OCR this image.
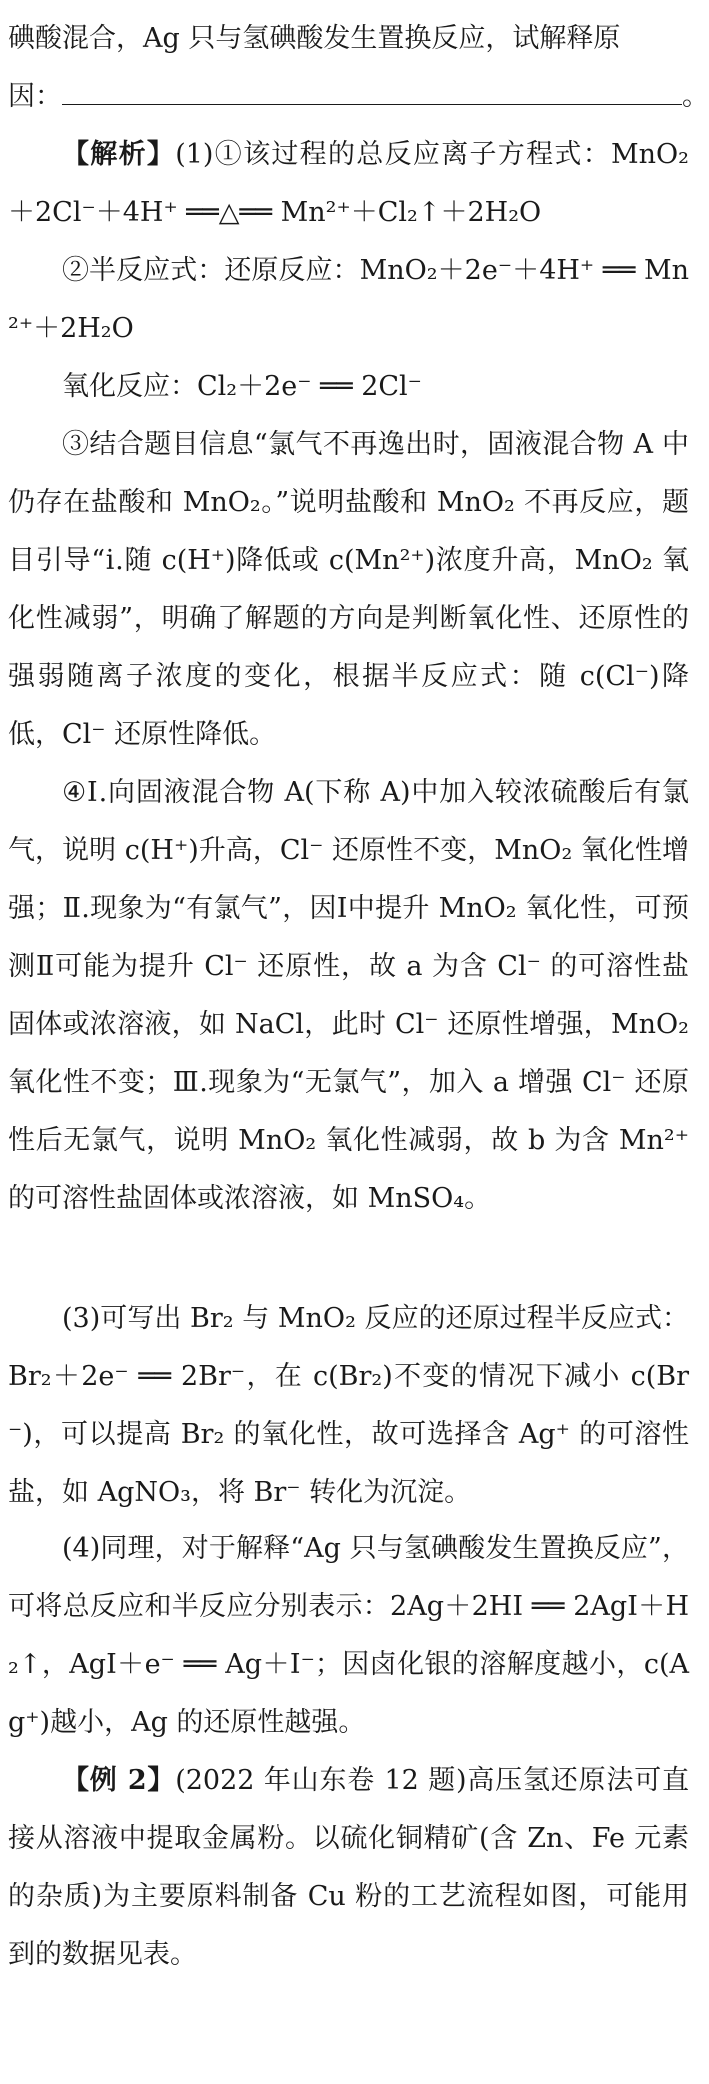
碘酸混合，Ag 只与氢碘酸发生置换反应，试解释原
因：	。

【解析】(1)①该过程的总反应离子方程式：MnO₂＋2Cl⁻＋4H⁺ ══△══ Mn²⁺＋Cl₂↑＋2H₂O

②半反应式：还原反应：MnO₂＋2e⁻＋4H⁺ ══ Mn²⁺＋2H₂O

氧化反应：Cl₂＋2e⁻ ══ 2Cl⁻

③结合题目信息“氯气不再逸出时，固液混合物 A 中仍存在盐酸和 MnO₂。”说明盐酸和 MnO₂ 不再反应，题目引导“ⅰ.随 c(H⁺)降低或 c(Mn²⁺)浓度升高，MnO₂ 氧化性减弱”，明确了解题的方向是判断氧化性、还原性的强弱随离子浓度的变化，根据半反应式：随 c(Cl⁻)降低，Cl⁻ 还原性降低。

④Ⅰ.向固液混合物 A(下称 A)中加入较浓硫酸后有氯气，说明 c(H⁺)升高，Cl⁻ 还原性不变，MnO₂ 氧化性增强；Ⅱ.现象为“有氯气”，因Ⅰ中提升 MnO₂ 氧化性，可预测Ⅱ可能为提升 Cl⁻ 还原性，故 a 为含 Cl⁻ 的可溶性盐固体或浓溶液，如 NaCl，此时 Cl⁻ 还原性增强，MnO₂ 氧化性不变；Ⅲ.现象为“无氯气”，加入 a 增强 Cl⁻ 还原性后无氯气，说明 MnO₂ 氧化性减弱，故 b 为含 Mn²⁺ 的可溶性盐固体或浓溶液，如 MnSO₄。

(3)可写出 Br₂ 与 MnO₂ 反应的还原过程半反应式：Br₂＋2e⁻ ══ 2Br⁻，在 c(Br₂)不变的情况下减小 c(Br⁻)，可以提高 Br₂ 的氧化性，故可选择含 Ag⁺ 的可溶性盐，如 AgNO₃，将 Br⁻ 转化为沉淀。

(4)同理，对于解释“Ag 只与氢碘酸发生置换反应”，可将总反应和半反应分别表示：2Ag＋2HI ══ 2AgI＋H₂↑，AgI＋e⁻ ══ Ag＋I⁻；因卤化银的溶解度越小，c(Ag⁺)越小，Ag 的还原性越强。

【例 2】(2022 年山东卷 12 题)高压氢还原法可直接从溶液中提取金属粉。以硫化铜精矿(含 Zn、Fe 元素的杂质)为主要原料制备 Cu 粉的工艺流程如图，可能用到的数据见表。
